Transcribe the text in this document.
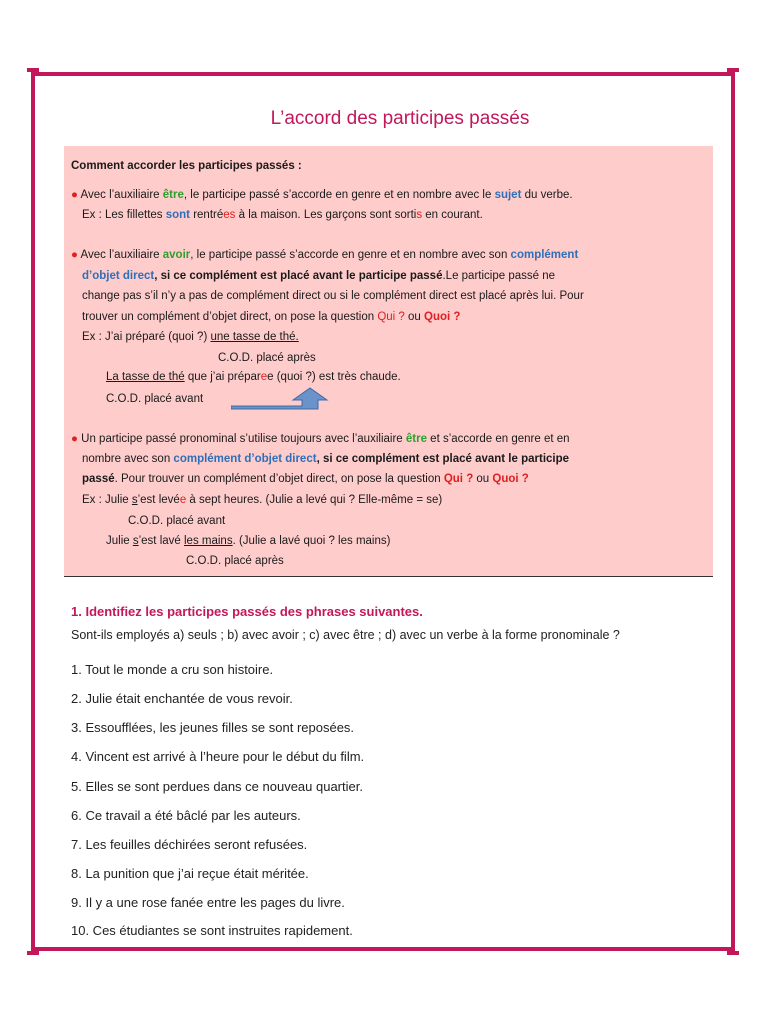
L’accord des participes passés
Comment accorder les participes passés :
● Avec l’auxiliaire être, le participe passé s’accorde en genre et en nombre avec le sujet du verbe.
Ex : Les fillettes sont rentrées à la maison. Les garçons sont sortis en courant.
● Avec l’auxiliaire avoir, le participe passé s’accorde en genre et en nombre avec son complément
d’objet direct, si ce complément est placé avant le participe passé.Le participe passé ne
change pas s’il n’y a pas de complément direct ou si le complément direct est placé après lui. Pour
trouver un complément d’objet direct, on pose la question Qui ? ou Quoi ?
Ex : J’ai préparé (quoi ?) une tasse de thé.
C.O.D. placé après
La tasse de thé que j’ai préparee (quoi ?) est très chaude.
C.O.D. placé avant
● Un participe passé pronominal s’utilise toujours avec l’auxiliaire être et s’accorde en genre et en
nombre avec son complément d’objet direct, si ce complément est placé avant le participe
passé. Pour trouver un complément d’objet direct, on pose la question Qui ? ou Quoi ?
Ex : Julie s’est levée à sept heures. (Julie a levé qui ? Elle-même = se)
C.O.D. placé avant
Julie s’est lavé les mains. (Julie a lavé quoi ? les mains)
C.O.D. placé après
1. Identifiez les participes passés des phrases suivantes.
Sont-ils employés a) seuls ; b) avec avoir ; c) avec être ; d) avec un verbe à la forme pronominale ?
1. Tout le monde a cru son histoire.
2. Julie était enchantée de vous revoir.
3. Essoufflées, les jeunes filles se sont reposées.
4. Vincent est arrivé à l’heure pour le début du film.
5. Elles se sont perdues dans ce nouveau quartier.
6. Ce travail a été bâclé par les auteurs.
7. Les feuilles déchirées seront refusées.
8. La punition que j’ai reçue était méritée.
9. Il y a une rose fanée entre les pages du livre.
10. Ces étudiantes se sont instruites rapidement.
